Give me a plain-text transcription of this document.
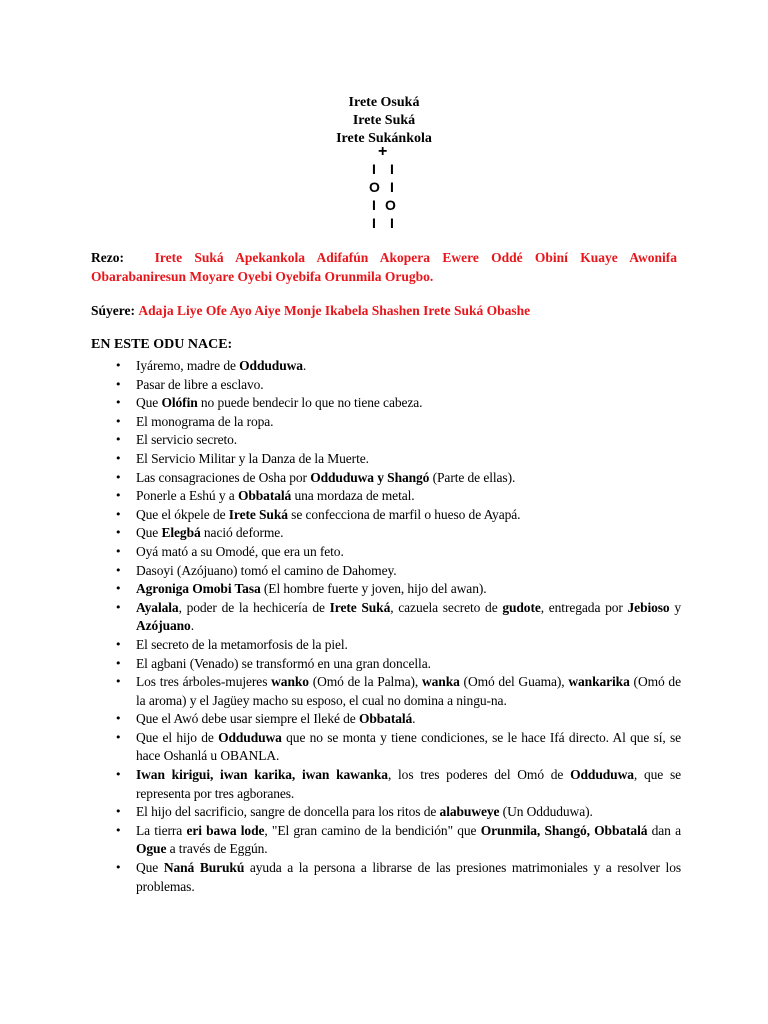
Irete Osuká
Irete Suká
Irete Sukánkola
+
I I
O I
I O
I I
Rezo: Irete Suká Apekankola Adifafún Akopera Ewere Oddé Obiní Kuaye Awonifa Obarabaniresun Moyare Oyebi Oyebifa Orunmila Orugbo.
Súyere: Adaja Liye Ofe Ayo Aiye Monje Ikabela Shashen Irete Suká Obashe
EN ESTE ODU NACE:
• Iyáremo, madre de Odduduwa.
• Pasar de libre a esclavo.
• Que Olófin no puede bendecir lo que no tiene cabeza.
• El monograma de la ropa.
• El servicio secreto.
• El Servicio Militar y la Danza de la Muerte.
• Las consagraciones de Osha por Odduduwa y Shangó (Parte de ellas).
• Ponerle a Eshú y a Obbatalá una mordaza de metal.
• Que el ókpele de Irete Suká se confecciona de marfil o hueso de Ayapá.
• Que Elegbá nació deforme.
• Oyá mató a su Omodé, que era un feto.
• Dasoyi (Azójuano) tomó el camino de Dahomey.
• Agroniga Omobi Tasa (El hombre fuerte y joven, hijo del awan).
• Ayalala, poder de la hechicería de Irete Suká, cazuela secreto de gudote, entregada por Jebioso y Azójuano.
• El secreto de la metamorfosis de la piel.
• El agbani (Venado) se transformó en una gran doncella.
• Los tres árboles-mujeres wanko (Omó de la Palma), wanka (Omó del Guama), wankarika (Omó de la aroma) y el Jagüey macho su esposo, el cual no domina a ningu-na.
• Que el Awó debe usar siempre el Ileké de Obbatalá.
• Que el hijo de Odduduwa que no se monta y tiene condiciones, se le hace Ifá directo. Al que sí, se hace Oshanlá u OBANLA.
• Iwan kirigui, iwan karika, iwan kawanka, los tres poderes del Omó de Odduduwa, que se representa por tres agboranes.
• El hijo del sacrificio, sangre de doncella para los ritos de alabuweye (Un Odduduwa).
• La tierra eri bawa lode, "El gran camino de la bendición" que Orunmila, Shangó, Obbatalá dan a Ogue a través de Eggún.
• Que Naná Burukú ayuda a la persona a librarse de las presiones matrimoniales y a resolver los problemas.
